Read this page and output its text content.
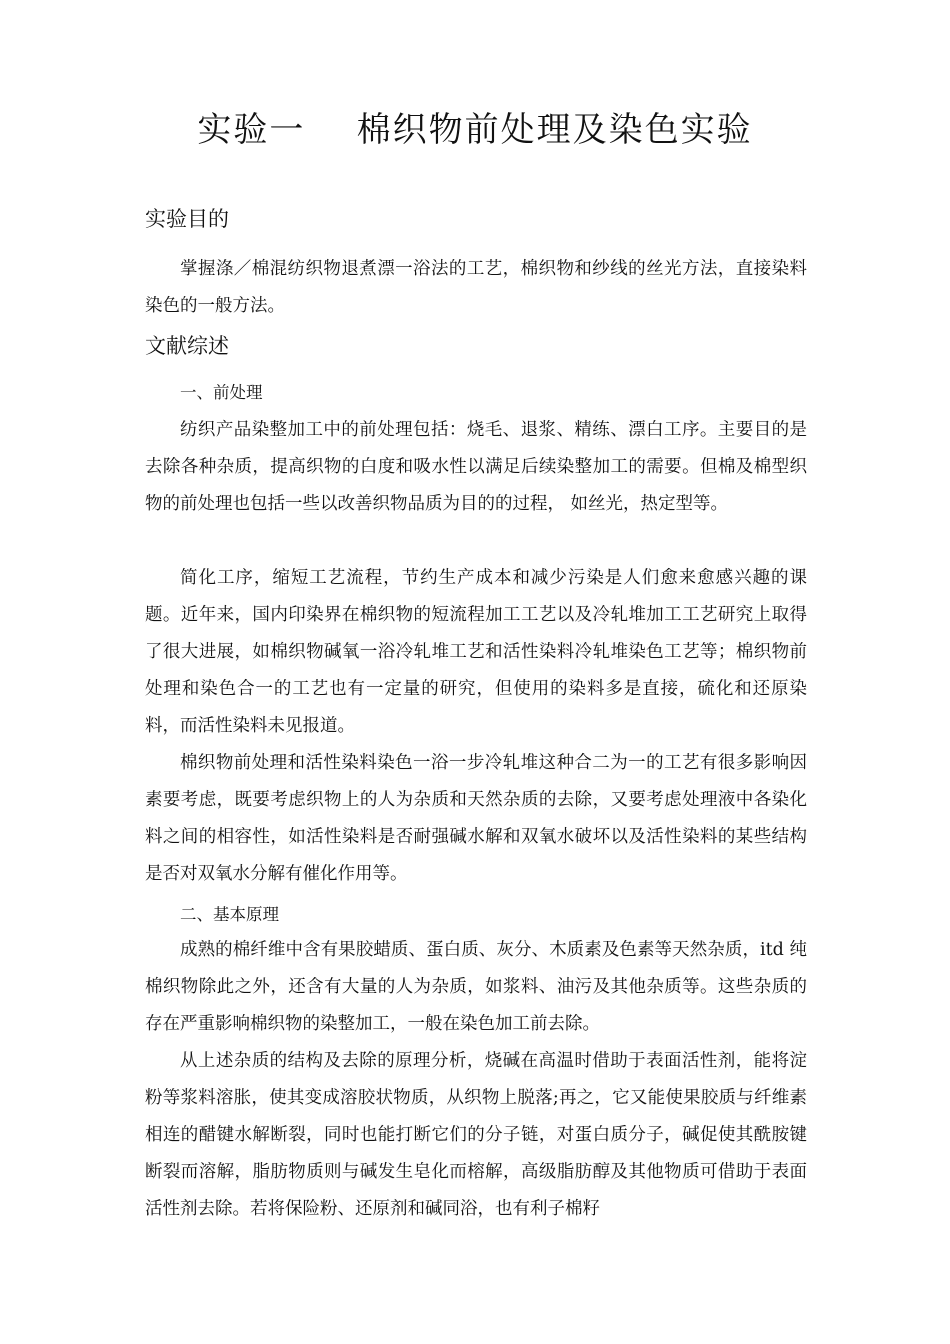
实验一    棉织物前处理及染色实验
实验目的

掌握涤／棉混纺织物退煮漂一浴法的工艺，棉织物和纱线的丝光方法，直接染料染色的一般方法。

文献综述
一、前处理

纺织产品染整加工中的前处理包括：烧毛、退浆、精练、漂白工序。主要目的是去除各种杂质，提高织物的白度和吸水性以满足后续染整加工的需要。但棉及棉型织物的前处理也包括一些以改善织物品质为目的的过程， 如丝光，热定型等。

简化工序，缩短工艺流程，节约生产成本和减少污染是人们愈来愈感兴趣的课题。近年来，国内印染界在棉织物的短流程加工工艺以及冷轧堆加工工艺研究上取得了很大进展，如棉织物碱氧一浴冷轧堆工艺和活性染料冷轧堆染色工艺等；棉织物前处理和染色合一的工艺也有一定量的研究，但使用的染料多是直接，硫化和还原染料，而活性染料未见报道。

棉织物前处理和活性染料染色一浴一步冷轧堆这种合二为一的工艺有很多影响因素要考虑，既要考虑织物上的人为杂质和天然杂质的去除，又要考虑处理液中各染化料之间的相容性，如活性染料是否耐强碱水解和双氧水破坏以及活性染料的某些结构是否对双氧水分解有催化作用等。

二、基本原理

成熟的棉纤维中含有果胶蜡质、蛋白质、灰分、木质素及色素等天然杂质，itd 纯棉织物除此之外，还含有大量的人为杂质，如浆料、油污及其他杂质等。这些杂质的存在严重影响棉织物的染整加工，一般在染色加工前去除。

从上述杂质的结构及去除的原理分析，烧碱在高温时借助于表面活性剂，能将淀粉等浆料溶胀，使其变成溶胶状物质，从织物上脱落;再之，它又能使果胶质与纤维素相连的醋键水解断裂，同时也能打断它们的分子链，对蛋白质分子，碱促使其酰胺键断裂而溶解，脂肪物质则与碱发生皂化而榕解，高级脂肪醇及其他物质可借助于表面活性剂去除。若将保险粉、还原剂和碱同浴，也有利子棉籽
